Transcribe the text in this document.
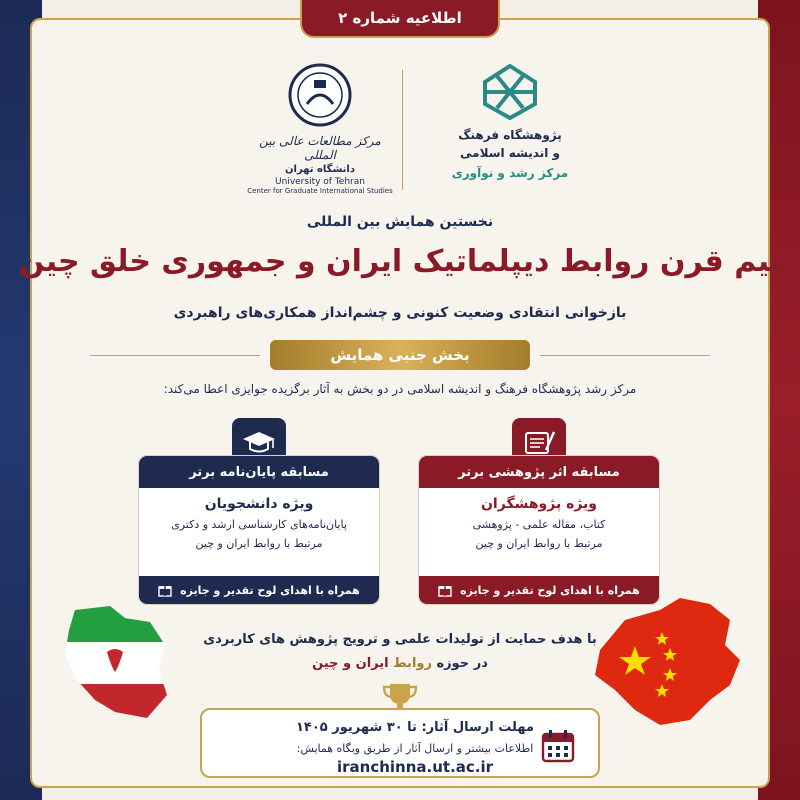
اطلاعیه شماره ۲
پژوهشگاه فرهنگ
و اندیشه اسلامی
مرکز رشد و نوآوری
مرکز مطالعات عالی بین المللی
دانشگاه تهران
University of Tehran
Center for Graduate International Studies
نخستین همایش بین المللی
نیم قرن روابط دیپلماتیک ایران و جمهوری خلق چین
بازخوانی انتقادی وضعیت کنونی و چشم‌انداز همکاری‌های راهبردی
بخش جنبی همایش
مرکز رشد پژوهشگاه فرهنگ و اندیشه اسلامی در دو بخش به آثار برگزیده جوایزی اعطا می‌کند:
مسابقه اثر پژوهشی برتر
ویژه پژوهشگران
کتاب، مقاله علمی - پژوهشی
مرتبط با روابط ایران و چین
همراه با اهدای لوح تقدیر و جایزه
مسابقه پایان‌نامه برتر
ویژه دانشجویان
پایان‌نامه‌های کارشناسی ارشد و دکتری
مرتبط با روابط ایران و چین
همراه با اهدای لوح تقدیر و جایزه
با هدف حمایت از تولیدات علمی و ترویج پژوهش های کاربردی
در حوزه روابط ایران و چین
مهلت ارسال آثار: تا ۳۰ شهریور ۱۴۰۵
اطلاعات بیشتر و ارسال آثار از طریق وبگاه همایش:
iranchinna.ut.ac.ir
